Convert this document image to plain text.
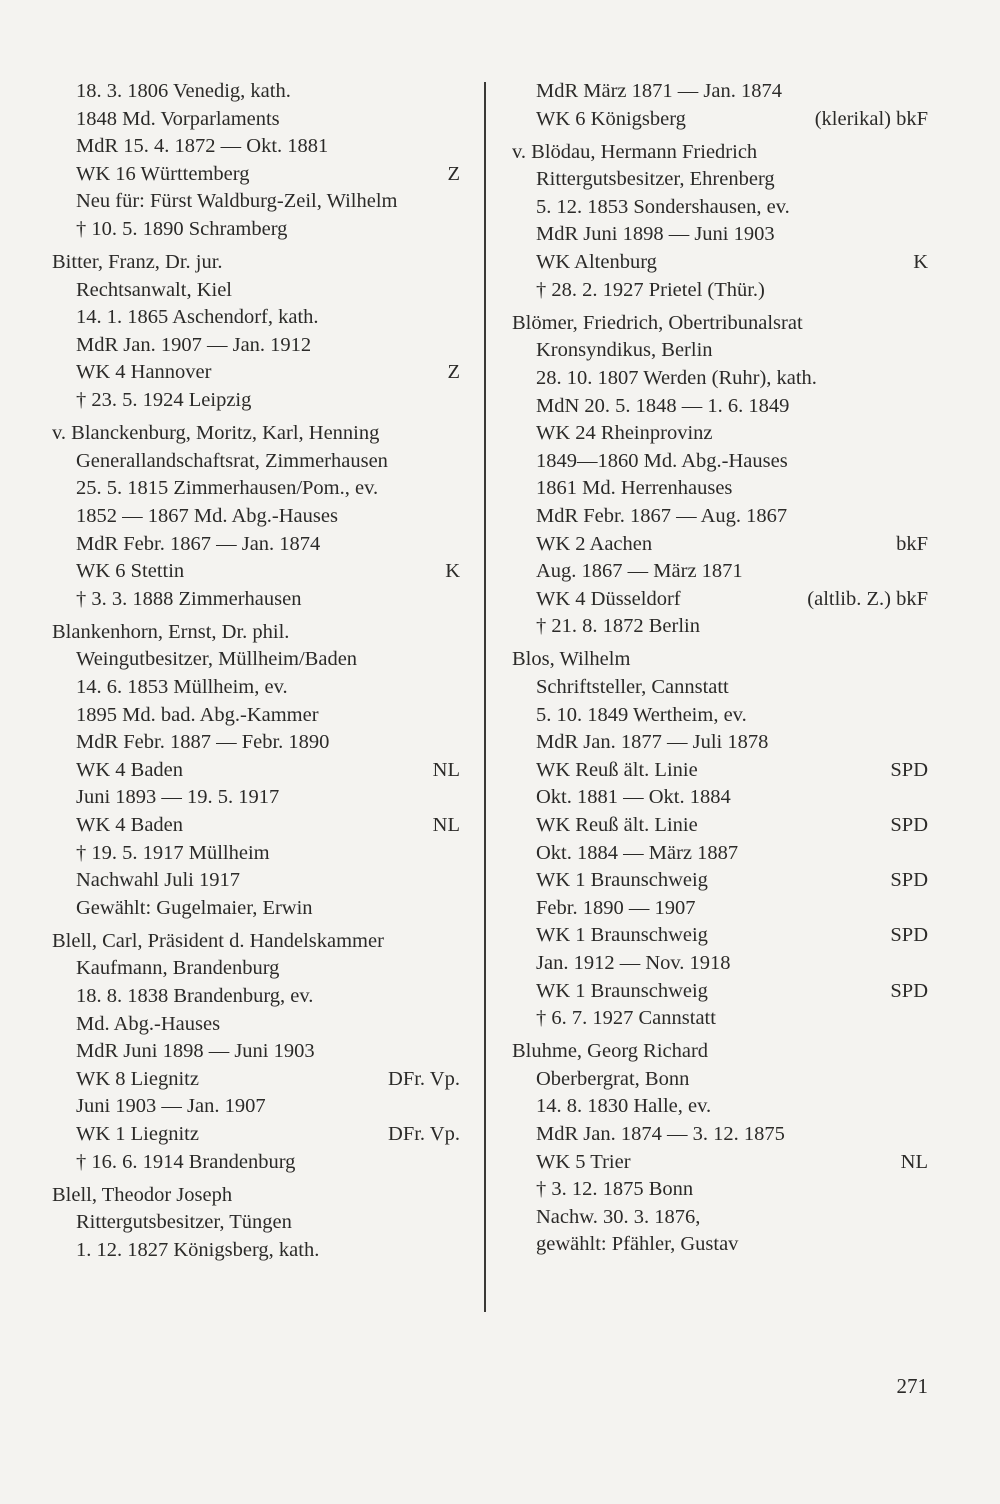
18. 3. 1806 Venedig, kath.
1848 Md. Vorparlaments
MdR 15. 4. 1872 — Okt. 1881
WK 16 Württemberg	Z
Neu für: Fürst Waldburg-Zeil, Wilhelm
† 10. 5. 1890 Schramberg
Bitter, Franz, Dr. jur.
Rechtsanwalt, Kiel
14. 1. 1865 Aschendorf, kath.
MdR Jan. 1907 — Jan. 1912
WK 4 Hannover	Z
† 23. 5. 1924 Leipzig
v. Blanckenburg, Moritz, Karl, Henning
Generallandschaftsrat, Zimmerhausen
25. 5. 1815 Zimmerhausen/Pom., ev.
1852 — 1867 Md. Abg.-Hauses
MdR Febr. 1867 — Jan. 1874
WK 6 Stettin	K
† 3. 3. 1888 Zimmerhausen
Blankenhorn, Ernst, Dr. phil.
Weingutbesitzer, Müllheim/Baden
14. 6. 1853 Müllheim, ev.
1895 Md. bad. Abg.-Kammer
MdR Febr. 1887 — Febr. 1890
WK 4 Baden	NL
Juni 1893 — 19. 5. 1917
WK 4 Baden	NL
† 19. 5. 1917 Müllheim
Nachwahl Juli 1917
Gewählt: Gugelmaier, Erwin
Blell, Carl, Präsident d. Handelskammer
Kaufmann, Brandenburg
18. 8. 1838 Brandenburg, ev.
Md. Abg.-Hauses
MdR Juni 1898 — Juni 1903
WK 8 Liegnitz	DFr. Vp.
Juni 1903 — Jan. 1907
WK 1 Liegnitz	DFr. Vp.
† 16. 6. 1914 Brandenburg
Blell, Theodor Joseph
Rittergutsbesitzer, Tüngen
1. 12. 1827 Königsberg, kath.
MdR März 1871 — Jan. 1874
WK 6 Königsberg	(klerikal) bkF
v. Blödau, Hermann Friedrich
Rittergutsbesitzer, Ehrenberg
5. 12. 1853 Sondershausen, ev.
MdR Juni 1898 — Juni 1903
WK Altenburg	K
† 28. 2. 1927 Prietel (Thür.)
Blömer, Friedrich, Obertribunalsrat
Kronsyndikus, Berlin
28. 10. 1807 Werden (Ruhr), kath.
MdN 20. 5. 1848 — 1. 6. 1849
WK 24 Rheinprovinz
1849—1860 Md. Abg.-Hauses
1861 Md. Herrenhauses
MdR Febr. 1867 — Aug. 1867
WK 2 Aachen	bkF
Aug. 1867 — März 1871
WK 4 Düsseldorf	(altlib. Z.) bkF
† 21. 8. 1872 Berlin
Blos, Wilhelm
Schriftsteller, Cannstatt
5. 10. 1849 Wertheim, ev.
MdR Jan. 1877 — Juli 1878
WK Reuß ält. Linie	SPD
Okt. 1881 — Okt. 1884
WK Reuß ält. Linie	SPD
Okt. 1884 — März 1887
WK 1 Braunschweig	SPD
Febr. 1890 — 1907
WK 1 Braunschweig	SPD
Jan. 1912 — Nov. 1918
WK 1 Braunschweig	SPD
† 6. 7. 1927 Cannstatt
Bluhme, Georg Richard
Oberbergrat, Bonn
14. 8. 1830 Halle, ev.
MdR Jan. 1874 — 3. 12. 1875
WK 5 Trier	NL
† 3. 12. 1875 Bonn
Nachw. 30. 3. 1876,
gewählt: Pfähler, Gustav
271
